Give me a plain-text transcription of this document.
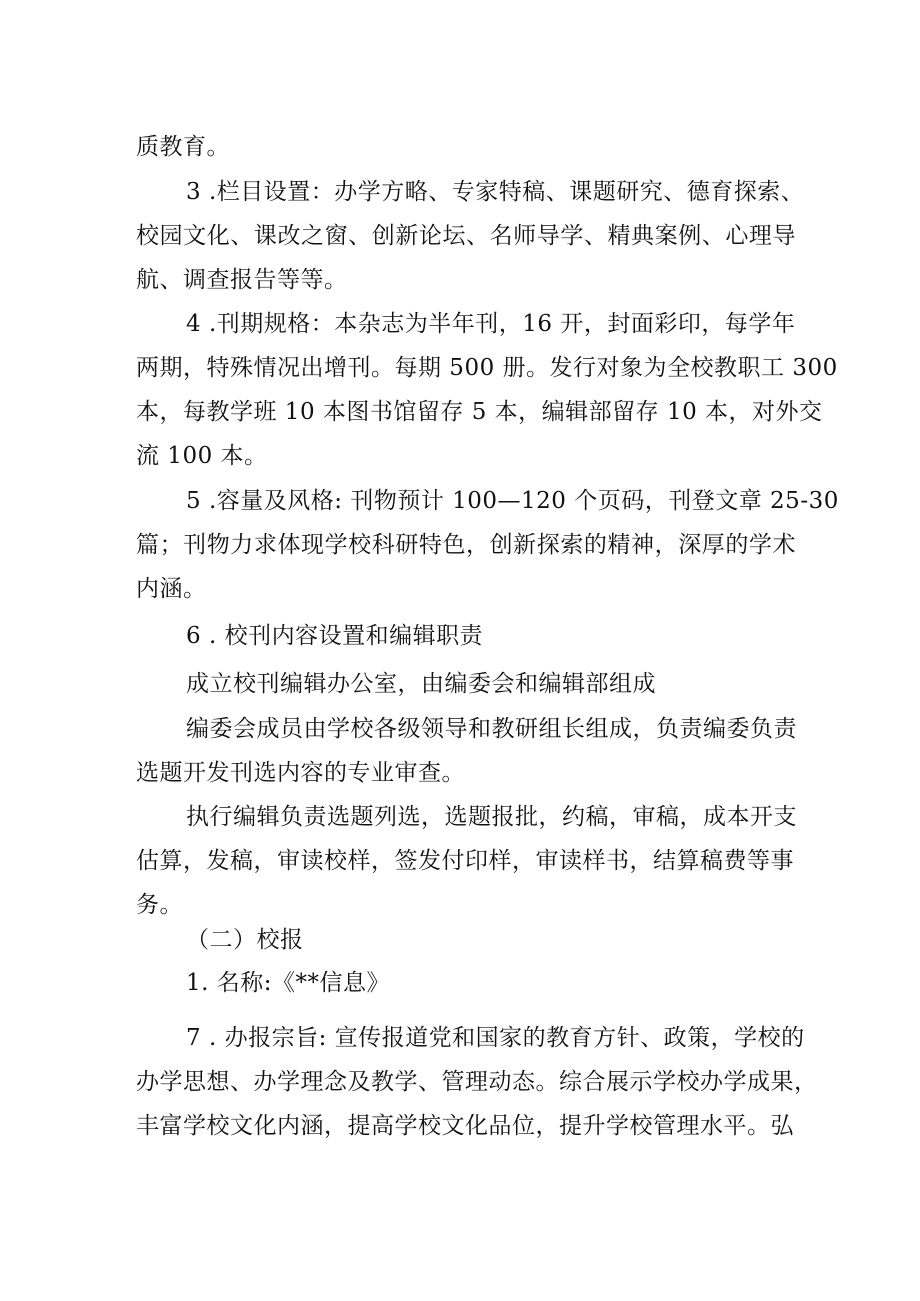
质教育。
3 .栏目设置：办学方略、专家特稿、课题研究、德育探索、
校园文化、课改之窗、创新论坛、名师导学、精典案例、心理导
航、调查报告等等。
4 .刊期规格：本杂志为半年刊，16 开，封面彩印，每学年
两期，特殊情况出增刊。每期 500 册。发行对象为全校教职工 300
本，每教学班 10 本图书馆留存 5 本，编辑部留存 10 本，对外交
流 100 本。
5 .容量及风格: 刊物预计 100—120 个页码，刊登文章 25-30
篇；刊物力求体现学校科研特色，创新探索的精神，深厚的学术
内涵。
6 . 校刊内容设置和编辑职责
成立校刊编辑办公室，由编委会和编辑部组成
编委会成员由学校各级领导和教研组长组成，负责编委负责
选题开发刊选内容的专业审查。
执行编辑负责选题列选，选题报批，约稿，审稿，成本开支
估算，发稿，审读校样，签发付印样，审读样书，结算稿费等事
务。
（二）校报
1. 名称:《**信息》
7 . 办报宗旨: 宣传报道党和国家的教育方针、政策，学校的
办学思想、办学理念及教学、管理动态。综合展示学校办学成果，
丰富学校文化内涵，提高学校文化品位，提升学校管理水平。弘
